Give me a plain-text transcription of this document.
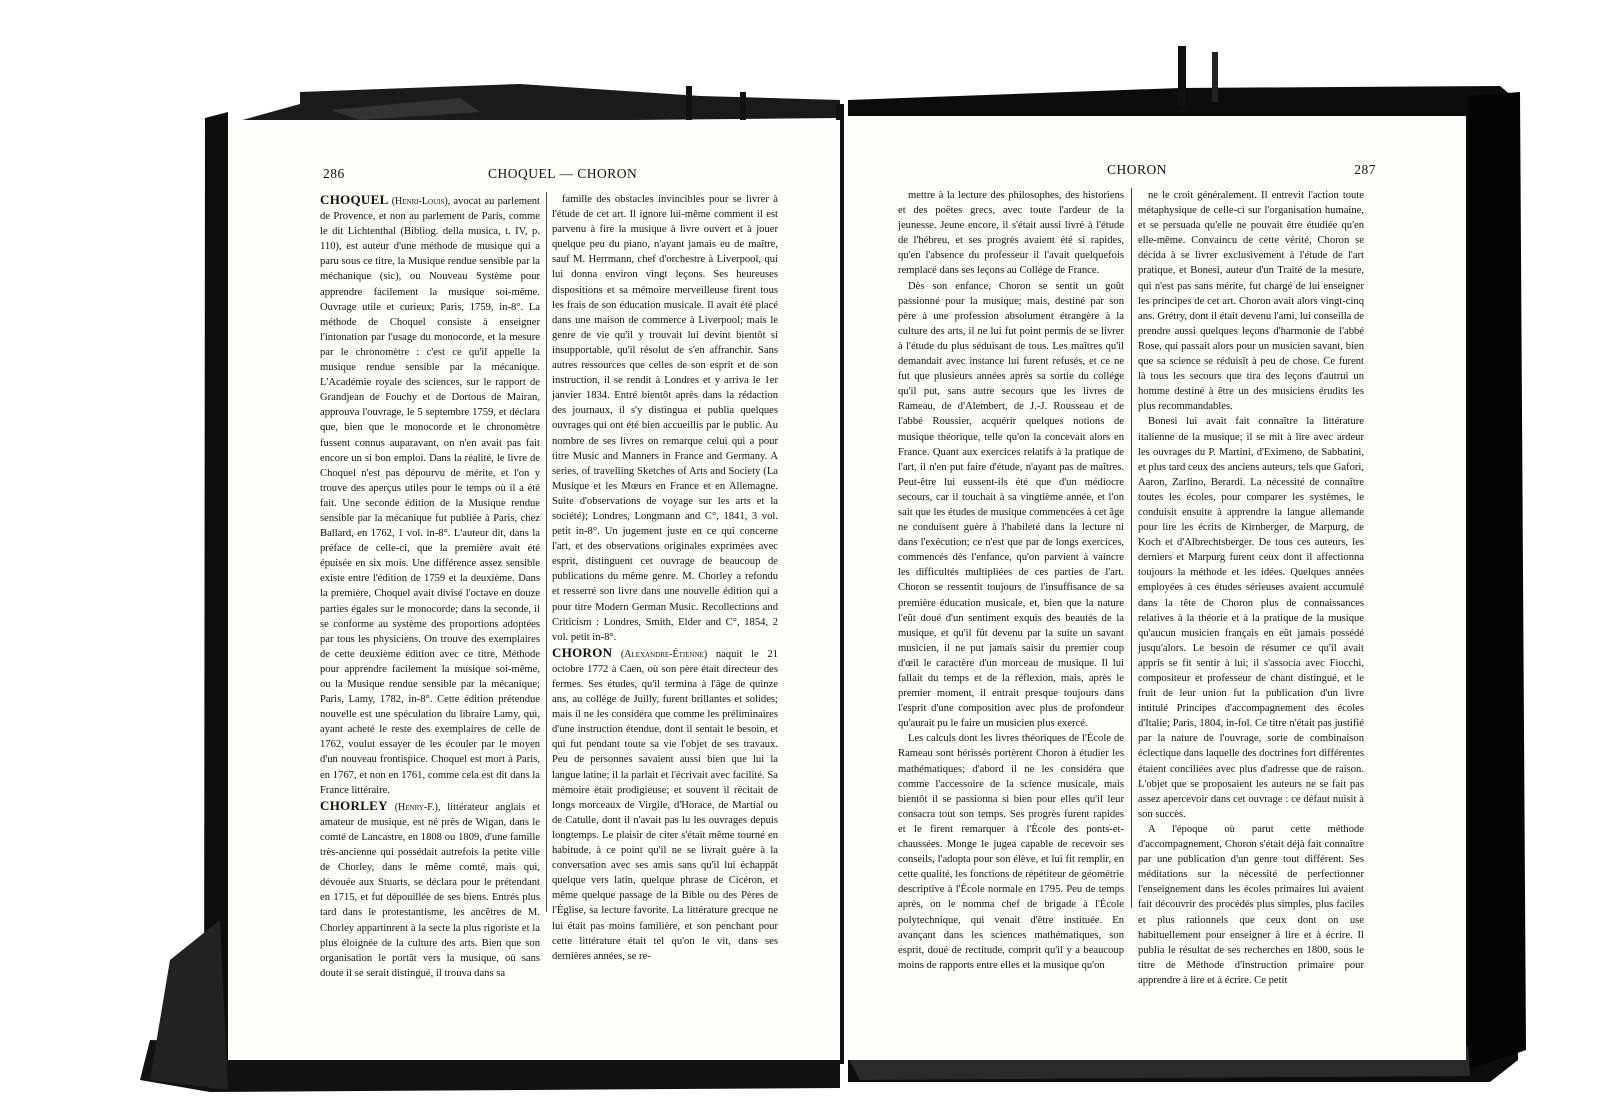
286	CHOQUEL — CHORON

CHOQUEL (Henri-Louis), avocat au parlement de Provence, et non au parlement de Paris, comme le dit Lichtenthal (Bibliog. della musica, t. IV, p. 110), est auteur d'une méthode de musique qui a paru sous ce titre, la Musique rendue sensible par la méchanique (sic), ou Nouveau Système pour apprendre facilement la musique soi-même. Ouvrage utile et curieux; Paris, 1759, in-8°. La méthode de Choquel consiste à enseigner l'intonation par l'usage du monocorde, et la mesure par le chronomètre : c'est ce qu'il appelle la musique rendue sensible par la mécanique. L'Académie royale des sciences, sur le rapport de Grandjean de Fouchy et de Dortous de Mairan, approuva l'ouvrage, le 5 septembre 1759, et déclara que, bien que le monocorde et le chronomètre fussent connus auparavant, on n'en avait pas fait encore un si bon emploi. Dans la réalité, le livre de Choquel n'est pas dépourvu de mérite, et l'on y trouve des aperçus utiles pour le temps où il a été fait. Une seconde édition de la Musique rendue sensible par la mécanique fut publiée à Paris, chez Ballard, en 1762, 1 vol. in-8°. L'auteur dit, dans la préface de celle-ci, que la première avait été épuisée en six mois. Une différence assez sensible existe entre l'édition de 1759 et la deuxième. Dans la première, Choquel avait divisé l'octave en douze parties égales sur le monocorde; dans la seconde, il se conforme au système des proportions adoptées par tous les physiciens. On trouve des exemplaires de cette deuxième édition avec ce titre, Méthode pour apprendre facilement la musique soi-même, ou la Musique rendue sensible par la mécanique; Paris, Lamy, 1782, in-8°. Cette édition prétendue nouvelle est une spéculation du libraire Lamy, qui, ayant acheté le reste des exemplaires de celle de 1762, voulut essayer de les écouler par le moyen d'un nouveau frontispice. Choquel est mort à Paris, en 1767, et non en 1761, comme cela est dit dans la France littéraire.

CHORLEY (Henry-F.), littérateur anglais et amateur de musique, est né près de Wigan, dans le comté de Lancastre, en 1808 ou 1809, d'une famille très-ancienne qui possédait autrefois la petite ville de Chorley, dans le même comté, mais qui, dévouée aux Stuarts, se déclara pour le prétendant en 1715, et fut dépouillée de ses biens. Entrés plus tard dans le protestantisme, les ancêtres de M. Chorley appartinrent à la secte la plus rigoriste et la plus éloignée de la culture des arts. Bien que son organisation le portât vers la musique, où sans doute il se serait distingué, il trouva dans sa

famille des obstacles invincibles pour se livrer à l'étude de cet art. Il ignore lui-même comment il est parvenu à fire la musique à livre ouvert et à jouer quelque peu du piano, n'ayant jamais eu de maître, sauf M. Herrmann, chef d'orchestre à Liverpool, qui lui donna environ vingt leçons. Ses heureuses dispositions et sa mémoire merveilleuse firent tous les frais de son éducation musicale. Il avait été placé dans une maison de commerce à Liverpool; mais le genre de vie qu'il y trouvait lui devint bientôt si insupportable, qu'il résolut de s'en affranchir. Sans autres ressources que celles de son esprit et de son instruction, il se rendit à Londres et y arriva le 1er janvier 1834. Entré bientôt après dans la rédaction des journaux, il s'y distingua et publia quelques ouvrages qui ont été bien accueillis par le public. Au nombre de ses livres on remarque celui qui a pour titre Music and Manners in France and Germany. A series, of travelling Sketches of Arts and Society (La Musique et les Mœurs en France et en Allemagne. Suite d'observations de voyage sur les arts et la société); Londres, Longmann and C°, 1841, 3 vol. petit in-8°. Un jugement juste en ce qui concerne l'art, et des observations originales exprimées avec esprit, distinguent cet ouvrage de beaucoup de publications du même genre. M. Chorley a refondu et resserré son livre dans une nouvelle édition qui a pour titre Modern German Music. Recollections and Criticism : Londres, Smith, Elder and C°, 1854, 2 vol. petit in-8°.

CHORON (Alexandre-Étienne) naquit le 21 octobre 1772 à Caen, où son père était directeur des fermes. Ses études, qu'il termina à l'âge de quinze ans, au collège de Juilly, furent brillantes et solides; mais il ne les considéra que comme les préliminaires d'une instruction étendue, dont il sentait le besoin, et qui fut pendant toute sa vie l'objet de ses travaux. Peu de personnes savaient aussi bien que lui la langue latine; il la parlait et l'écrivait avec facilité. Sa mémoire était prodigieuse; et souvent il récitait de longs morceaux de Virgile, d'Horace, de Martial ou de Catulle, dont il n'avait pas lu les ouvrages depuis longtemps. Le plaisir de citer s'était même tourné en habitude, à ce point qu'il ne se livrait guère à la conversation avec ses amis sans qu'il lui échappât quelque vers latin, quelque phrase de Cicéron, et même quelque passage de la Bible ou des Pères de l'Église, sa lecture favorite. La littérature grecque ne lui était pas moins familière, et son penchant pour cette littérature était tel qu'on le vit, dans ses dernières années, se re-

CHORON	287

mettre à la lecture des philosophes, des historiens et des poëtes grecs, avec toute l'ardeur de la jeunesse. Jeune encore, il s'était aussi livré à l'étude de l'hébreu, et ses progrès avaient été si rapides, qu'en l'absence du professeur il l'avait quelquefois remplacé dans ses leçons au Collége de France.

Dès son enfance, Choron se sentit un goût passionné pour la musique; mais, destiné par son père à une profession absolument étrangère à la culture des arts, il ne lui fut point permis de se livrer à l'étude du plus séduisant de tous. Les maîtres qu'il demandait avec instance lui furent refusés, et ce ne fut que plusieurs années après sa sortie du collége qu'il put, sans autre secours que les livres de Rameau, de d'Alembert, de J.-J. Rousseau et de l'abbé Roussier, acquérir quelques notions de musique théorique, telle qu'on la concevait alors en France. Quant aux exercices relatifs à la pratique de l'art, il n'en put faire d'étude, n'ayant pas de maîtres. Peut-être lui eussent-ils été que d'un médiocre secours, car il touchait à sa vingtième année, et l'on sait que les études de musique commencées à cet âge ne conduisent guère à l'habileté dans la lecture ni dans l'exécution; ce n'est que par de longs exercices, commencés dès l'enfance, qu'on parvient à vaincre les difficultés multipliées de ces parties de l'art. Choron se ressentit toujours de l'insuffisance de sa première éducation musicale, et, bien que la nature l'eût doué d'un sentiment exquis des beautés de la musique, et qu'il fût devenu par la suite un savant musicien, il ne put jamais saisir du premier coup d'œil le caractère d'un morceau de musique. Il lui fallait du temps et de la réflexion, mais, après le premier moment, il entrait presque toujours dans l'esprit d'une composition avec plus de profondeur qu'aurait pu le faire un musicien plus exercé.

Les calculs dont les livres théoriques de l'École de Rameau sont hérissés portèrent Choron à étudier les mathématiques; d'abord il ne les considéra que comme l'accessoire de la science musicale, mais bientôt il se passionna si bien pour elles qu'il leur consacra tout son temps. Ses progrès furent rapides et le firent remarquer à l'École des ponts-et-chaussées. Monge le jugea capable de recevoir ses conseils, l'adopta pour son élève, et lui fit remplir, en cette qualité, les fonctions de répétiteur de géométrie descriptive à l'École normale en 1795. Peu de temps après, on le nomma chef de brigade à l'École polytechnique, qui venait d'être instituée. En avançant dans les sciences mathématiques, son esprit, doué de rectitude, comprit qu'il y a beaucoup moins de rapports entre elles et la musique qu'on

ne le croit généralement. Il entrevit l'action toute métaphysique de celle-ci sur l'organisation humaine, et se persuada qu'elle ne pouvait être étudiée qu'en elle-même. Convaincu de cette vérité, Choron se décida à se livrer exclusivement à l'étude de l'art pratique, et Bonesi, auteur d'un Traité de la mesure, qui n'est pas sans mérite, fut chargé de lui enseigner les principes de cet art. Choron avait alors vingt-cinq ans. Grétry, dont il était devenu l'ami, lui conseilla de prendre aussi quelques leçons d'harmonie de l'abbé Rose, qui passait alors pour un musicien savant, bien que sa science se réduisît à peu de chose. Ce furent là tous les secours que tira des leçons d'autrui un homme destiné à être un des musiciens érudits les plus recommandables.

Bonesi lui avait fait connaître la littérature italienne de la musique; il se mit à lire avec ardeur les ouvrages du P. Martini, d'Eximeno, de Sabbatini, et plus tard ceux des anciens auteurs, tels que Gafori, Aaron, Zarlino, Berardi. La nécessité de connaître toutes les écoles, pour comparer les systèmes, le conduisit ensuite à apprendre la langue allemande pour lire les écrits de Kirnberger, de Marpurg, de Koch et d'Albrechtsberger. De tous ces auteurs, les derniers et Marpurg furent ceux dont il affectionna toujours la méthode et les idées. Quelques années employées à ces études sérieuses avaient accumulé dans la tête de Choron plus de connaissances relatives à la théorie et à la pratique de la musique qu'aucun musicien français en eût jamais possédé jusqu'alors. Le besoin de résumer ce qu'il avait appris se fit sentir à lui; il s'associa avec Fiocchi, compositeur et professeur de chant distingué, et le fruit de leur union fut la publication d'un livre intitulé Principes d'accompagnement des écoles d'Italie; Paris, 1804, in-fol. Ce titre n'était pas justifié par la nature de l'ouvrage, sorte de combinaison éclectique dans laquelle des doctrines fort différentes étaient conciliées avec plus d'adresse que de raison. L'objet que se proposaient les auteurs ne se fait pas assez apercevoir dans cet ouvrage : ce défaut nuisit à son succès.

A l'époque où parut cette méthode d'accompagnement, Choron s'était déjà fait connaître par une publication d'un genre tout différent. Ses méditations sur la nécessité de perfectionner l'enseignement dans les écoles primaires lui avaient fait découvrir des procédés plus simples, plus faciles et plus rationnels que ceux dont on use habituellement pour enseigner à lire et à écrire. Il publia le résultat de ses recherches en 1800, sous le titre de Méthode d'instruction primaire pour apprendre à lire et à écrire. Ce petit
